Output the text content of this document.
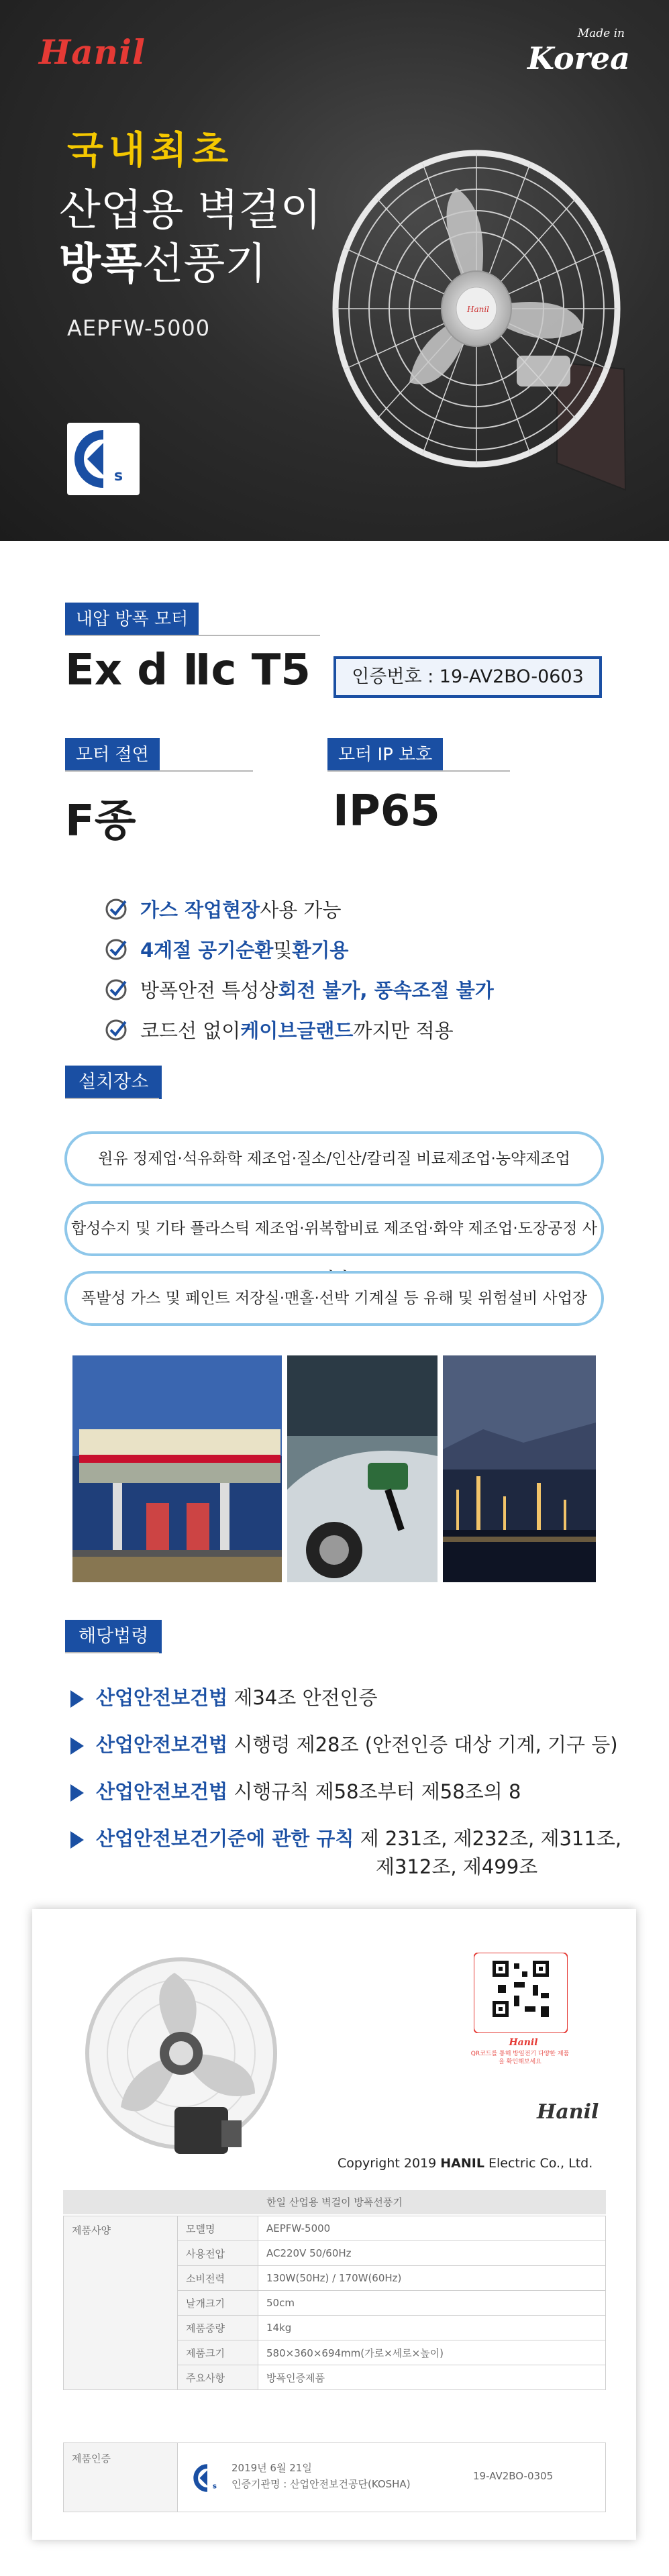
Hanil	Made in
Korea
국내최초
산업용 벽걸이
방폭선풍기
AEPFW-5000
s
Hanil
내압 방폭 모터
Ex d Ⅱc T5	인증번호 : 19-AV2BO-0603
모터 절연
F종
모터 IP 보호
IP65
가스 작업현장 사용 가능
4계절 공기순환 및 환기용
방폭안전 특성상 회전 불가, 풍속조절 불가
코드선 없이 케이브글랜드 까지만 적용
설치장소
원유 정제업·석유화학 제조업·질소/인산/칼리질 비료제조업·농약제조업
합성수지 및 기타 플라스틱 제조업·위복합비료 제조업·화약 제조업·도장공정 사
폭발성 가스 및 페인트 저장실·맨홀·선박 기계실 등 유해 및 위험설비 사업장
해당법령
산업안전보건법 제34조 안전인증
산업안전보건법 시행령 제28조 (안전인증 대상 기계, 기구 등)
산업안전보건법 시행규칙 제58조부터 제58조의 8
산업안전보건기준에 관한 규칙 제 231조, 제232조, 제311조,
제312조, 제499조
Hanil
QR코드를 통해 방일전기 다양한 제품을 확인해보세요
Hanil
Copyright 2019 HANIL Electric Co., Ltd.
한일 산업용 벽걸이 방폭선풍기
제품사양	모델명	AEPFW-5000
	사용전압	AC220V 50/60Hz
	소비전력	130W(50Hz) / 170W(60Hz)
	날개크기	50cm
	제품중량	14kg
	제품크기	580×360×694mm(가로×세로×높이)
	주요사항	방폭인증제품
제품인증
s
2019년 6월 21일
인증기관명 : 산업안전보건공단(KOSHA)
19-AV2BO-0305
